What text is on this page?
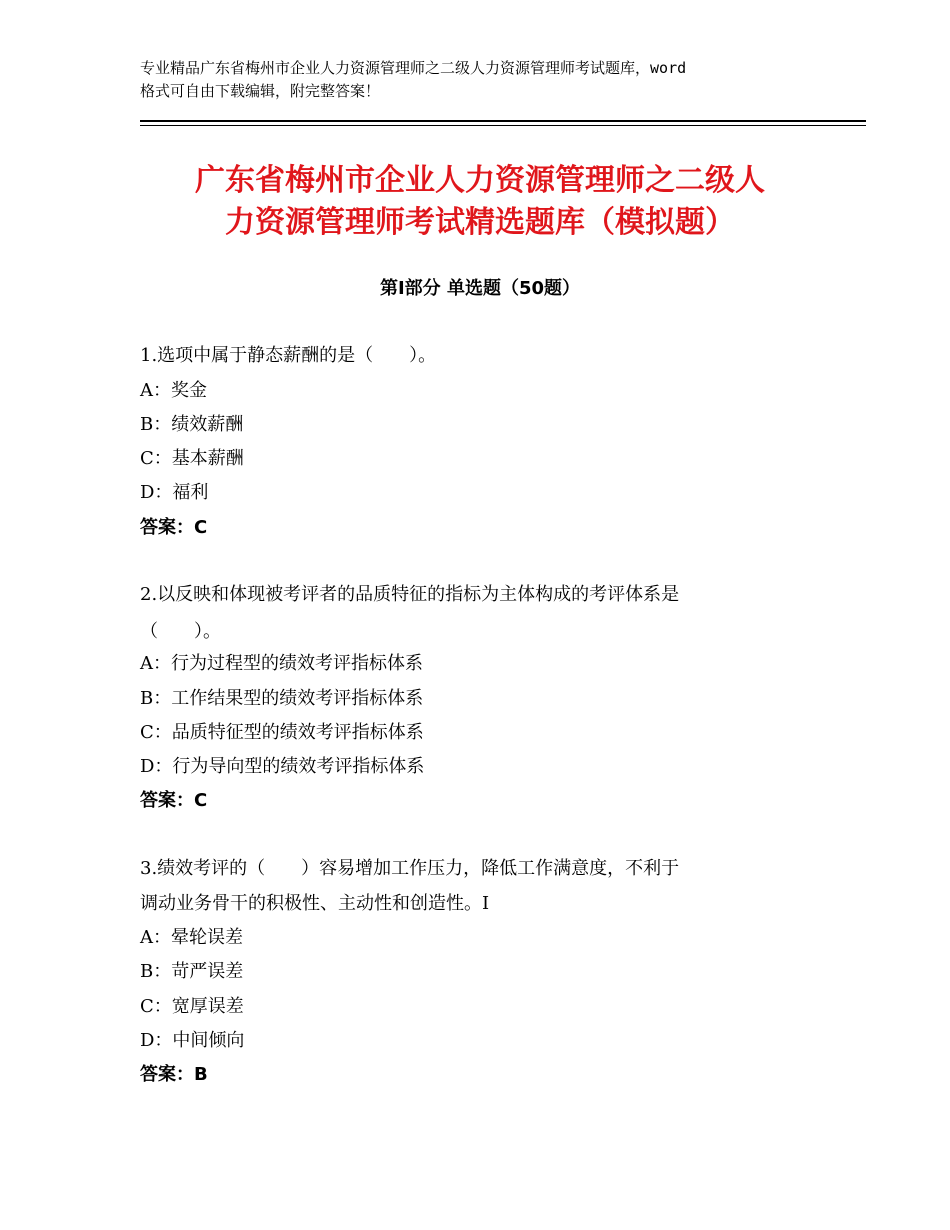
专业精品广东省梅州市企业人力资源管理师之二级人力资源管理师考试题库，word
格式可自由下载编辑，附完整答案！
广东省梅州市企业人力资源管理师之二级人
力资源管理师考试精选题库（模拟题）
第Ⅰ部分 单选题（50题）
1.选项中属于静态薪酬的是（　　）。
A：奖金
B：绩效薪酬
C：基本薪酬
D：福利
答案：C
2.以反映和体现被考评者的品质特征的指标为主体构成的考评体系是
（　　）。
A：行为过程型的绩效考评指标体系
B：工作结果型的绩效考评指标体系
C：品质特征型的绩效考评指标体系
D：行为导向型的绩效考评指标体系
答案：C
3.绩效考评的（　　）容易增加工作压力，降低工作满意度，不利于
调动业务骨干的积极性、主动性和创造性。I
A：晕轮误差
B：苛严误差
C：宽厚误差
D：中间倾向
答案：B
